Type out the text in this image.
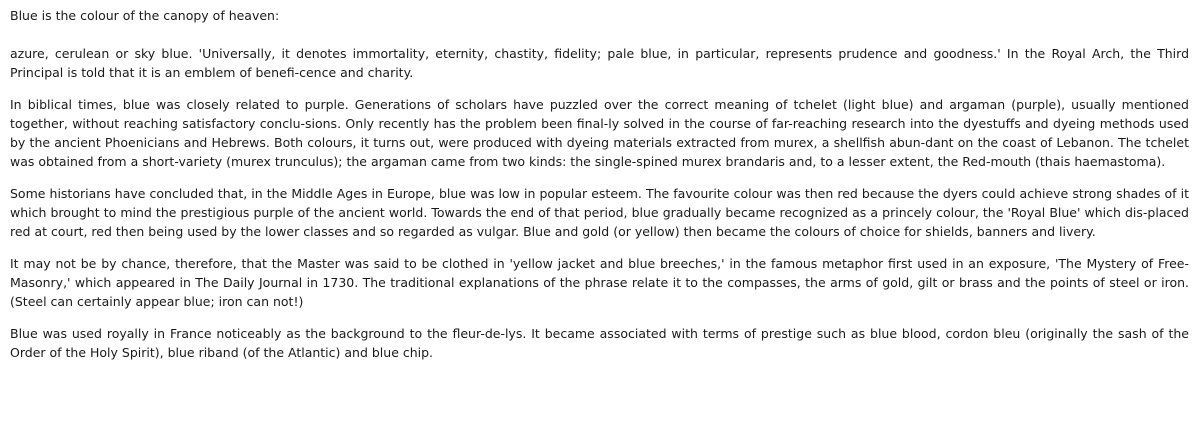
Blue is the colour of the canopy of heaven:

azure, cerulean or sky blue. 'Universally, it denotes immortality, eternity, chastity, fidelity; pale blue, in particular, represents prudence and goodness.' In the Royal Arch, the Third Principal is told that it is an emblem of benefi-cence and charity.

In biblical times, blue was closely related to purple. Generations of scholars have puzzled over the correct meaning of tchelet (light blue) and argaman (purple), usually mentioned together, without reaching satisfactory conclu-sions. Only recently has the problem been final-ly solved in the course of far-reaching research into the dyestuffs and dyeing methods used by the ancient Phoenicians and Hebrews. Both colours, it turns out, were produced with dyeing materials extracted from murex, a shellfish abun-dant on the coast of Lebanon. The tchelet was obtained from a short-variety (murex trunculus); the argaman came from two kinds: the single-spined murex brandaris and, to a lesser extent, the Red-mouth (thais haemastoma).

Some historians have concluded that, in the Middle Ages in Europe, blue was low in popular esteem. The favourite colour was then red because the dyers could achieve strong shades of it which brought to mind the prestigious purple of the ancient world. Towards the end of that period, blue gradually became recognized as a princely colour, the 'Royal Blue' which dis-placed red at court, red then being used by the lower classes and so regarded as vulgar. Blue and gold (or yellow) then became the colours of choice for shields, banners and livery.

It may not be by chance, therefore, that the Master was said to be clothed in 'yellow jacket and blue breeches,' in the famous metaphor first used in an exposure, 'The Mystery of Free-Masonry,' which appeared in The Daily Journal in 1730. The traditional explanations of the phrase relate it to the compasses, the arms of gold, gilt or brass and the points of steel or iron. (Steel can certainly appear blue; iron can not!)

Blue was used royally in France noticeably as the background to the fleur-de-lys. It became associated with terms of prestige such as blue blood, cordon bleu (originally the sash of the Order of the Holy Spirit), blue riband (of the Atlantic) and blue chip.
